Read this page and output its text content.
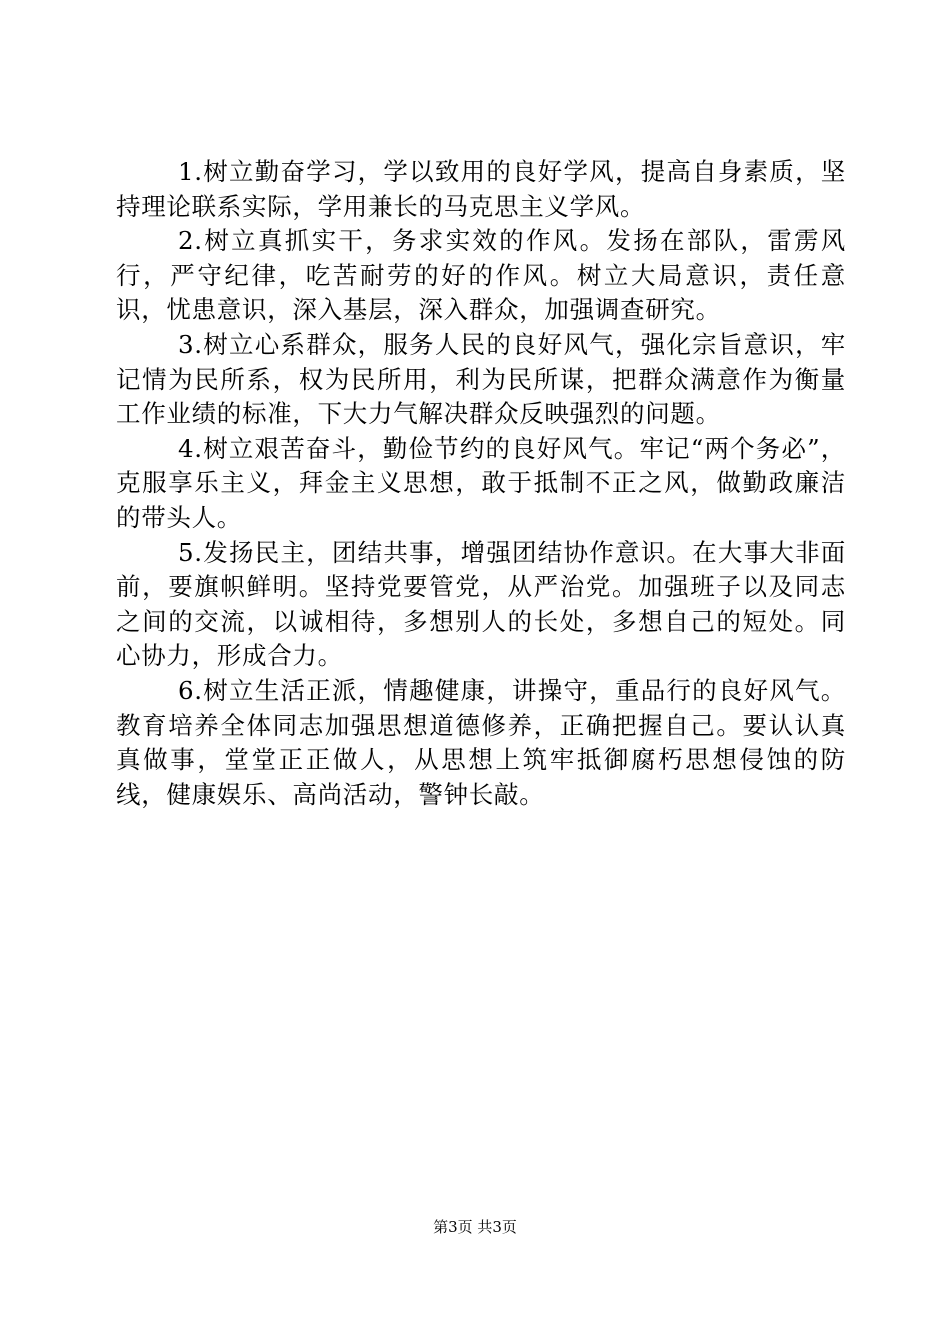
1.树立勤奋学习，学以致用的良好学风，提高自身素质，坚持理论联系实际，学用兼长的马克思主义学风。

2.树立真抓实干，务求实效的作风。发扬在部队，雷雳风行，严守纪律，吃苦耐劳的好的作风。树立大局意识，责任意识，忧患意识，深入基层，深入群众，加强调查研究。

3.树立心系群众，服务人民的良好风气，强化宗旨意识，牢记情为民所系，权为民所用，利为民所谋，把群众满意作为衡量工作业绩的标准，下大力气解决群众反映强烈的问题。

4.树立艰苦奋斗，勤俭节约的良好风气。牢记“两个务必”，克服享乐主义，拜金主义思想，敢于抵制不正之风，做勤政廉洁的带头人。

5.发扬民主，团结共事，增强团结协作意识。在大事大非面前，要旗帜鲜明。坚持党要管党，从严治党。加强班子以及同志之间的交流，以诚相待，多想别人的长处，多想自己的短处。同心协力，形成合力。

6.树立生活正派，情趣健康，讲操守，重品行的良好风气。教育培养全体同志加强思想道德修养，正确把握自己。要认认真真做事，堂堂正正做人，从思想上筑牢抵御腐朽思想侵蚀的防线，健康娱乐、高尚活动，警钟长敲。

第3页 共3页
